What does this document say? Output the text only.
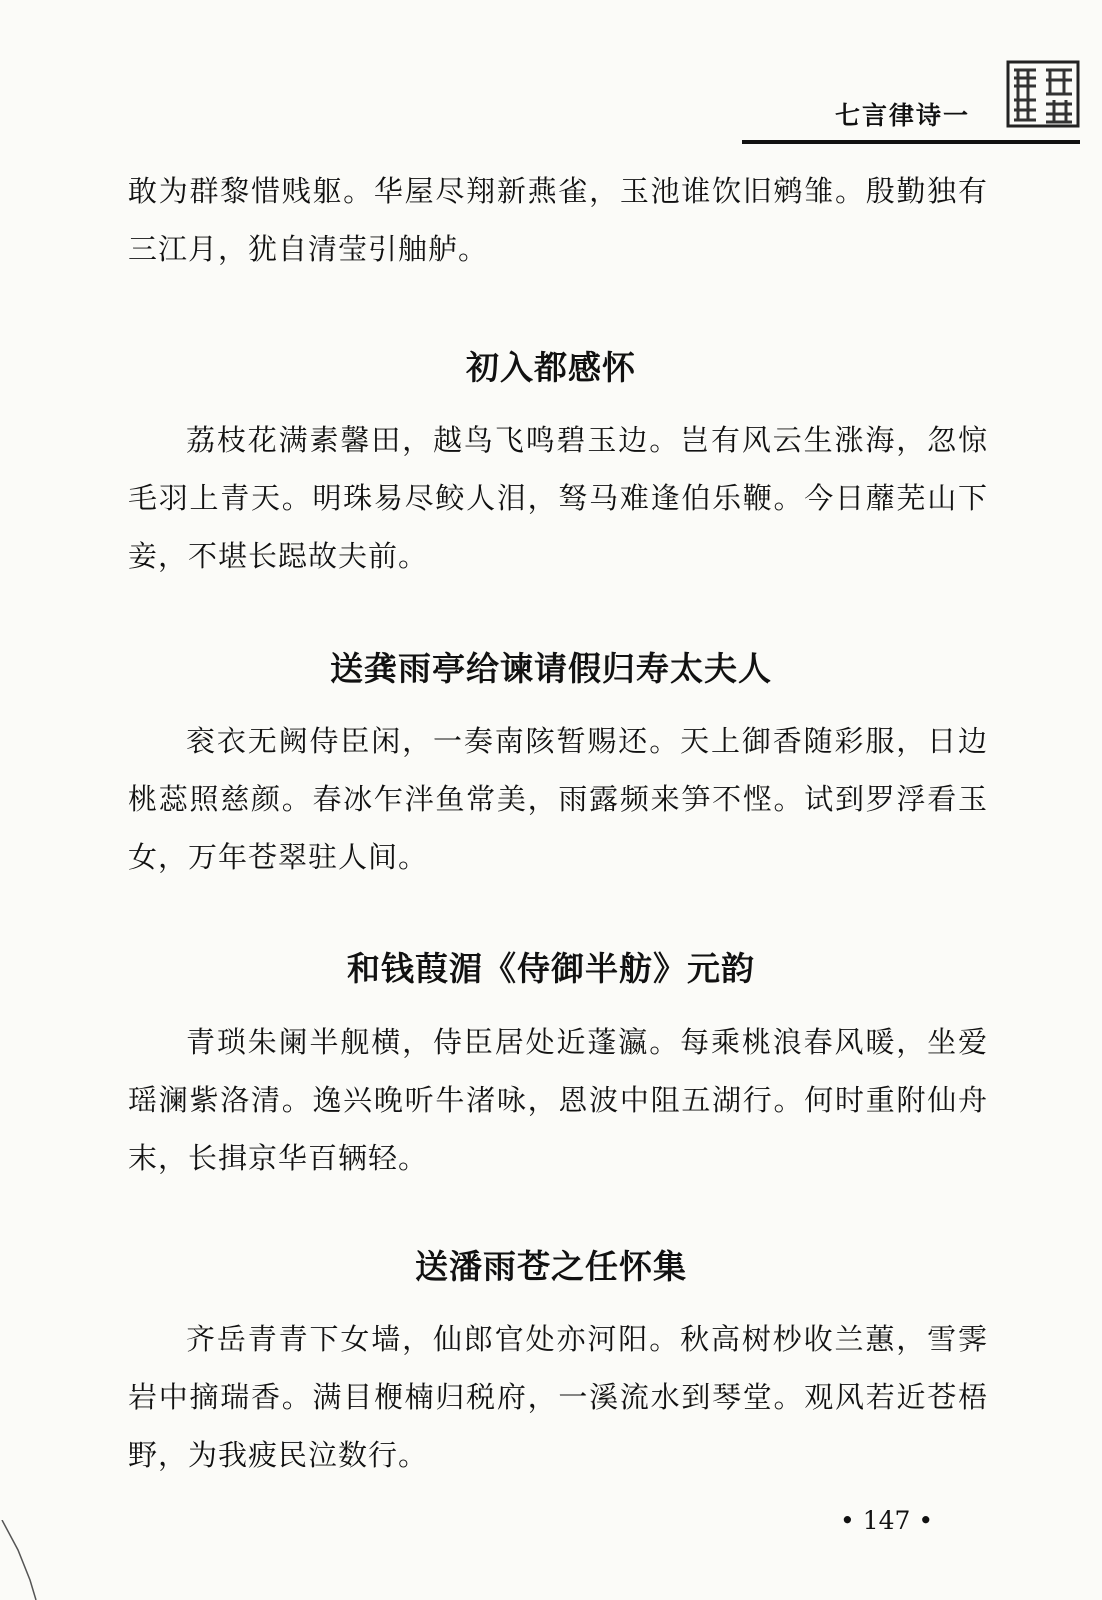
七言律诗一
敢为群黎惜贱躯。华屋尽翔新燕雀，玉池谁饮旧鹓雏。殷勤独有三江月，犹自清莹引舳舻。
初入都感怀
荔枝花满素馨田，越鸟飞鸣碧玉边。岂有风云生涨海，忽惊毛羽上青天。明珠易尽鲛人泪，驽马难逢伯乐鞭。今日蘼芜山下妾，不堪长跽故夫前。
送龚雨亭给谏请假归寿太夫人
衮衣无阙侍臣闲，一奏南陔暂赐还。天上御香随彩服，日边桃蕊照慈颜。春冰乍泮鱼常美，雨露频来笋不悭。试到罗浮看玉女，万年苍翠驻人间。
和钱葭湄《侍御半舫》元韵
青琐朱阑半舰横，侍臣居处近蓬瀛。每乘桃浪春风暖，坐爱瑶澜紫洛清。逸兴晚听牛渚咏，恩波中阻五湖行。何时重附仙舟末，长揖京华百辆轻。
送潘雨苍之任怀集
齐岳青青下女墙，仙郎官处亦河阳。秋高树杪收兰蕙，雪霁岩中摘瑞香。满目楩楠归税府，一溪流水到琴堂。观风若近苍梧野，为我疲民泣数行。
• 147 •
